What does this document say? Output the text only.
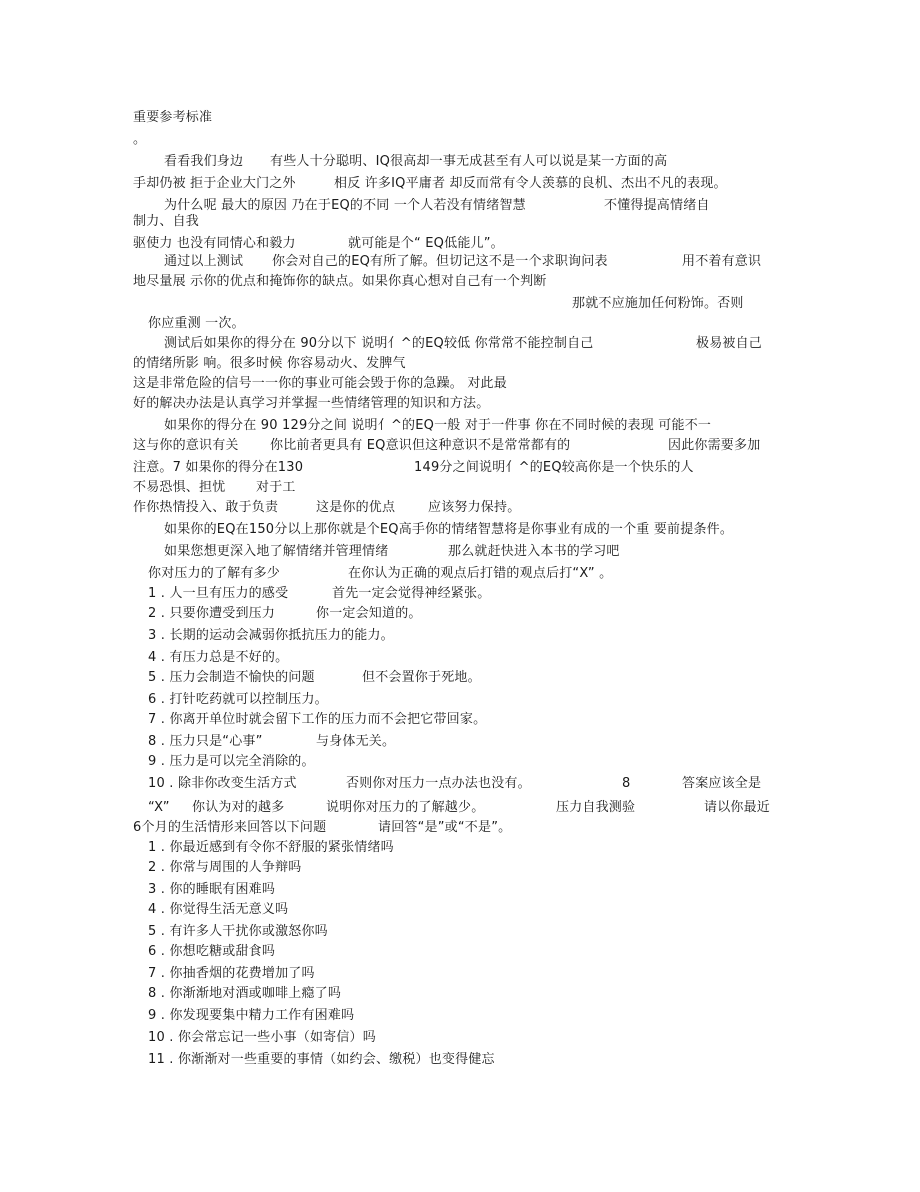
重要参考标准
。
看看我们身边 有些人十分聪明、IQ很高却一事无成甚至有人可以说是某一方面的高
手却仍被 拒于企业大门之外	相反 许多IQ平庸者 却反而常有令人羡慕的良机、杰出不凡的表现。
为什么呢 最大的原因 乃在于EQ的不同 一个人若没有情绪智慧	不懂得提高情绪自
制力、自我
驱使力 也没有同情心和毅力	就可能是个“ EQ低能儿”。
通过以上测试 你会对自己的EQ有所了解。但切记这不是一个求职询问表	用不着有意识
地尽量展 示你的优点和掩饰你的缺点。如果你真心想对自己有一个判断
那就不应施加任何粉饰。否则
你应重测 一次。
测试后如果你的得分在 90分以下 说明亻^的EQ较低 你常常不能控制自己	极易被自己
的情绪所影 响。很多时候 你容易动火、发脾气
这是非常危险的信号一一你的事业可能会毁于你的急躁。 对此最
好的解决办法是认真学习并掌握一些情绪管理的知识和方法。
如果你的得分在 90 129分之间 说明亻^的EQ一般 对于一件事 你在不同时候的表现 可能不一
这与你的意识有关 你比前者更具有 EQ意识但这种意识不是常常都有的	因此你需要多加
注意。7 如果你的得分在130	149分之间说明亻^的EQ较高你是一个快乐的人
不易恐惧、担忧 对于工
作你热情投入、敢于负责	这是你的优点	应该努力保持。
如果你的EQ在150分以上那你就是个EQ高手你的情绪智慧将是你事业有成的一个重 要前提条件。
如果您想更深入地了解情绪并管理情绪	那么就赶快进入本书的学习吧
你对压力的了解有多少	在你认为正确的观点后打错的观点后打“X” 。
1 . 人一旦有压力的感受	首先一定会觉得神经紧张。
2 . 只要你遭受到压力	你一定会知道的。
3 . 长期的运动会减弱你抵抗压力的能力。
4 . 有压力总是不好的。
5 . 压力会制造不愉快的问题	但不会置你于死地。
6 . 打针吃药就可以控制压力。
7 . 你离开单位时就会留下工作的压力而不会把它带回家。
8 . 压力只是“心事”	与身体无关。
9 . 压力是可以完全消除的。
10 . 除非你改变生活方式	否则你对压力一点办法也没有。	8	答案应该全是
“X” 你认为对的越多	说明你对压力的了解越少。	压力自我测验	请以你最近
6个月的生活情形来回答以下问题	请回答“是”或“不是”。
1 . 你最近感到有令你不舒服的紧张情绪吗
2 . 你常与周围的人争辩吗
3 . 你的睡眠有困难吗
4 . 你觉得生活无意义吗
5 . 有许多人干扰你或激怒你吗
6 . 你想吃糖或甜食吗
7 . 你抽香烟的花费增加了吗
8 . 你渐渐地对酒或咖啡上瘾了吗
9 . 你发现要集中精力工作有困难吗
10 . 你会常忘记一些小事（如寄信）吗
11 . 你渐渐对一些重要的事情（如约会、缴税）也变得健忘
